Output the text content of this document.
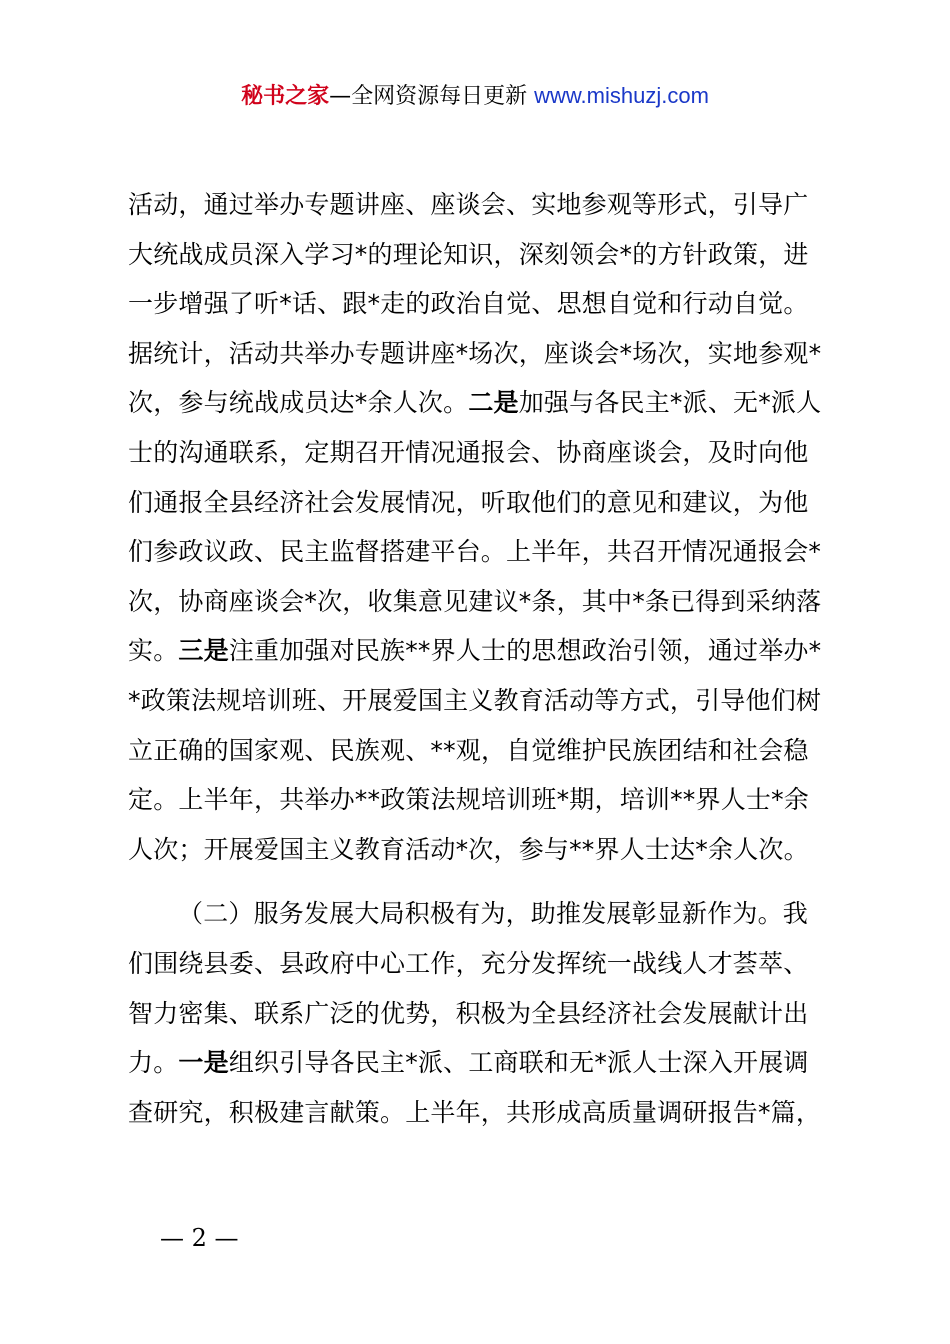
秘书之家—全网资源每日更新 www.mishuzj.com
活动，通过举办专题讲座、座谈会、实地参观等形式，引导广
大统战成员深入学习*的理论知识，深刻领会*的方针政策，进
一步增强了听*话、跟*走的政治自觉、思想自觉和行动自觉。
据统计，活动共举办专题讲座*场次，座谈会*场次，实地参观*
次，参与统战成员达*余人次。二是加强与各民主*派、无*派人
士的沟通联系，定期召开情况通报会、协商座谈会，及时向他
们通报全县经济社会发展情况，听取他们的意见和建议，为他
们参政议政、民主监督搭建平台。上半年，共召开情况通报会*
次，协商座谈会*次，收集意见建议*条，其中*条已得到采纳落
实。三是注重加强对民族**界人士的思想政治引领，通过举办*
*政策法规培训班、开展爱国主义教育活动等方式，引导他们树
立正确的国家观、民族观、**观，自觉维护民族团结和社会稳
定。上半年，共举办**政策法规培训班*期，培训**界人士*余
人次；开展爱国主义教育活动*次，参与**界人士达*余人次。
（二）服务发展大局积极有为，助推发展彰显新作为。我
们围绕县委、县政府中心工作，充分发挥统一战线人才荟萃、
智力密集、联系广泛的优势，积极为全县经济社会发展献计出
力。一是组织引导各民主*派、工商联和无*派人士深入开展调
查研究，积极建言献策。上半年，共形成高质量调研报告*篇，
— 2 —
